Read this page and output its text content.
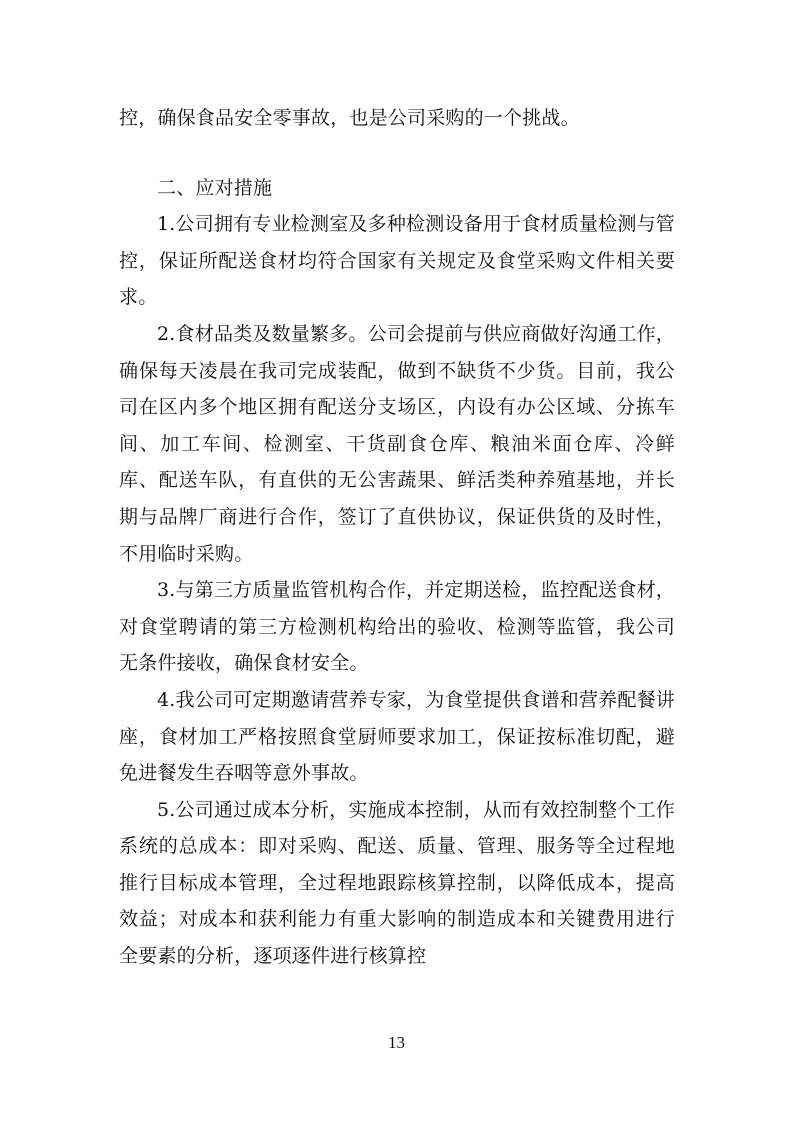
控，确保食品安全零事故，也是公司采购的一个挑战。

二、应对措施

1.公司拥有专业检测室及多种检测设备用于食材质量检测与管控，保证所配送食材均符合国家有关规定及食堂采购文件相关要求。

2.食材品类及数量繁多。公司会提前与供应商做好沟通工作，确保每天凌晨在我司完成装配，做到不缺货不少货。目前，我公司在区内多个地区拥有配送分支场区，内设有办公区域、分拣车间、加工车间、检测室、干货副食仓库、粮油米面仓库、冷鲜库、配送车队，有直供的无公害蔬果、鲜活类种养殖基地，并长期与品牌厂商进行合作，签订了直供协议，保证供货的及时性，不用临时采购。

3.与第三方质量监管机构合作，并定期送检，监控配送食材，对食堂聘请的第三方检测机构给出的验收、检测等监管，我公司无条件接收，确保食材安全。

4.我公司可定期邀请营养专家，为食堂提供食谱和营养配餐讲座，食材加工严格按照食堂厨师要求加工，保证按标准切配，避免进餐发生吞咽等意外事故。

5.公司通过成本分析，实施成本控制，从而有效控制整个工作系统的总成本：即对采购、配送、质量、管理、服务等全过程地推行目标成本管理，全过程地跟踪核算控制，以降低成本，提高效益；对成本和获利能力有重大影响的制造成本和关键费用进行全要素的分析，逐项逐件进行核算控

13
